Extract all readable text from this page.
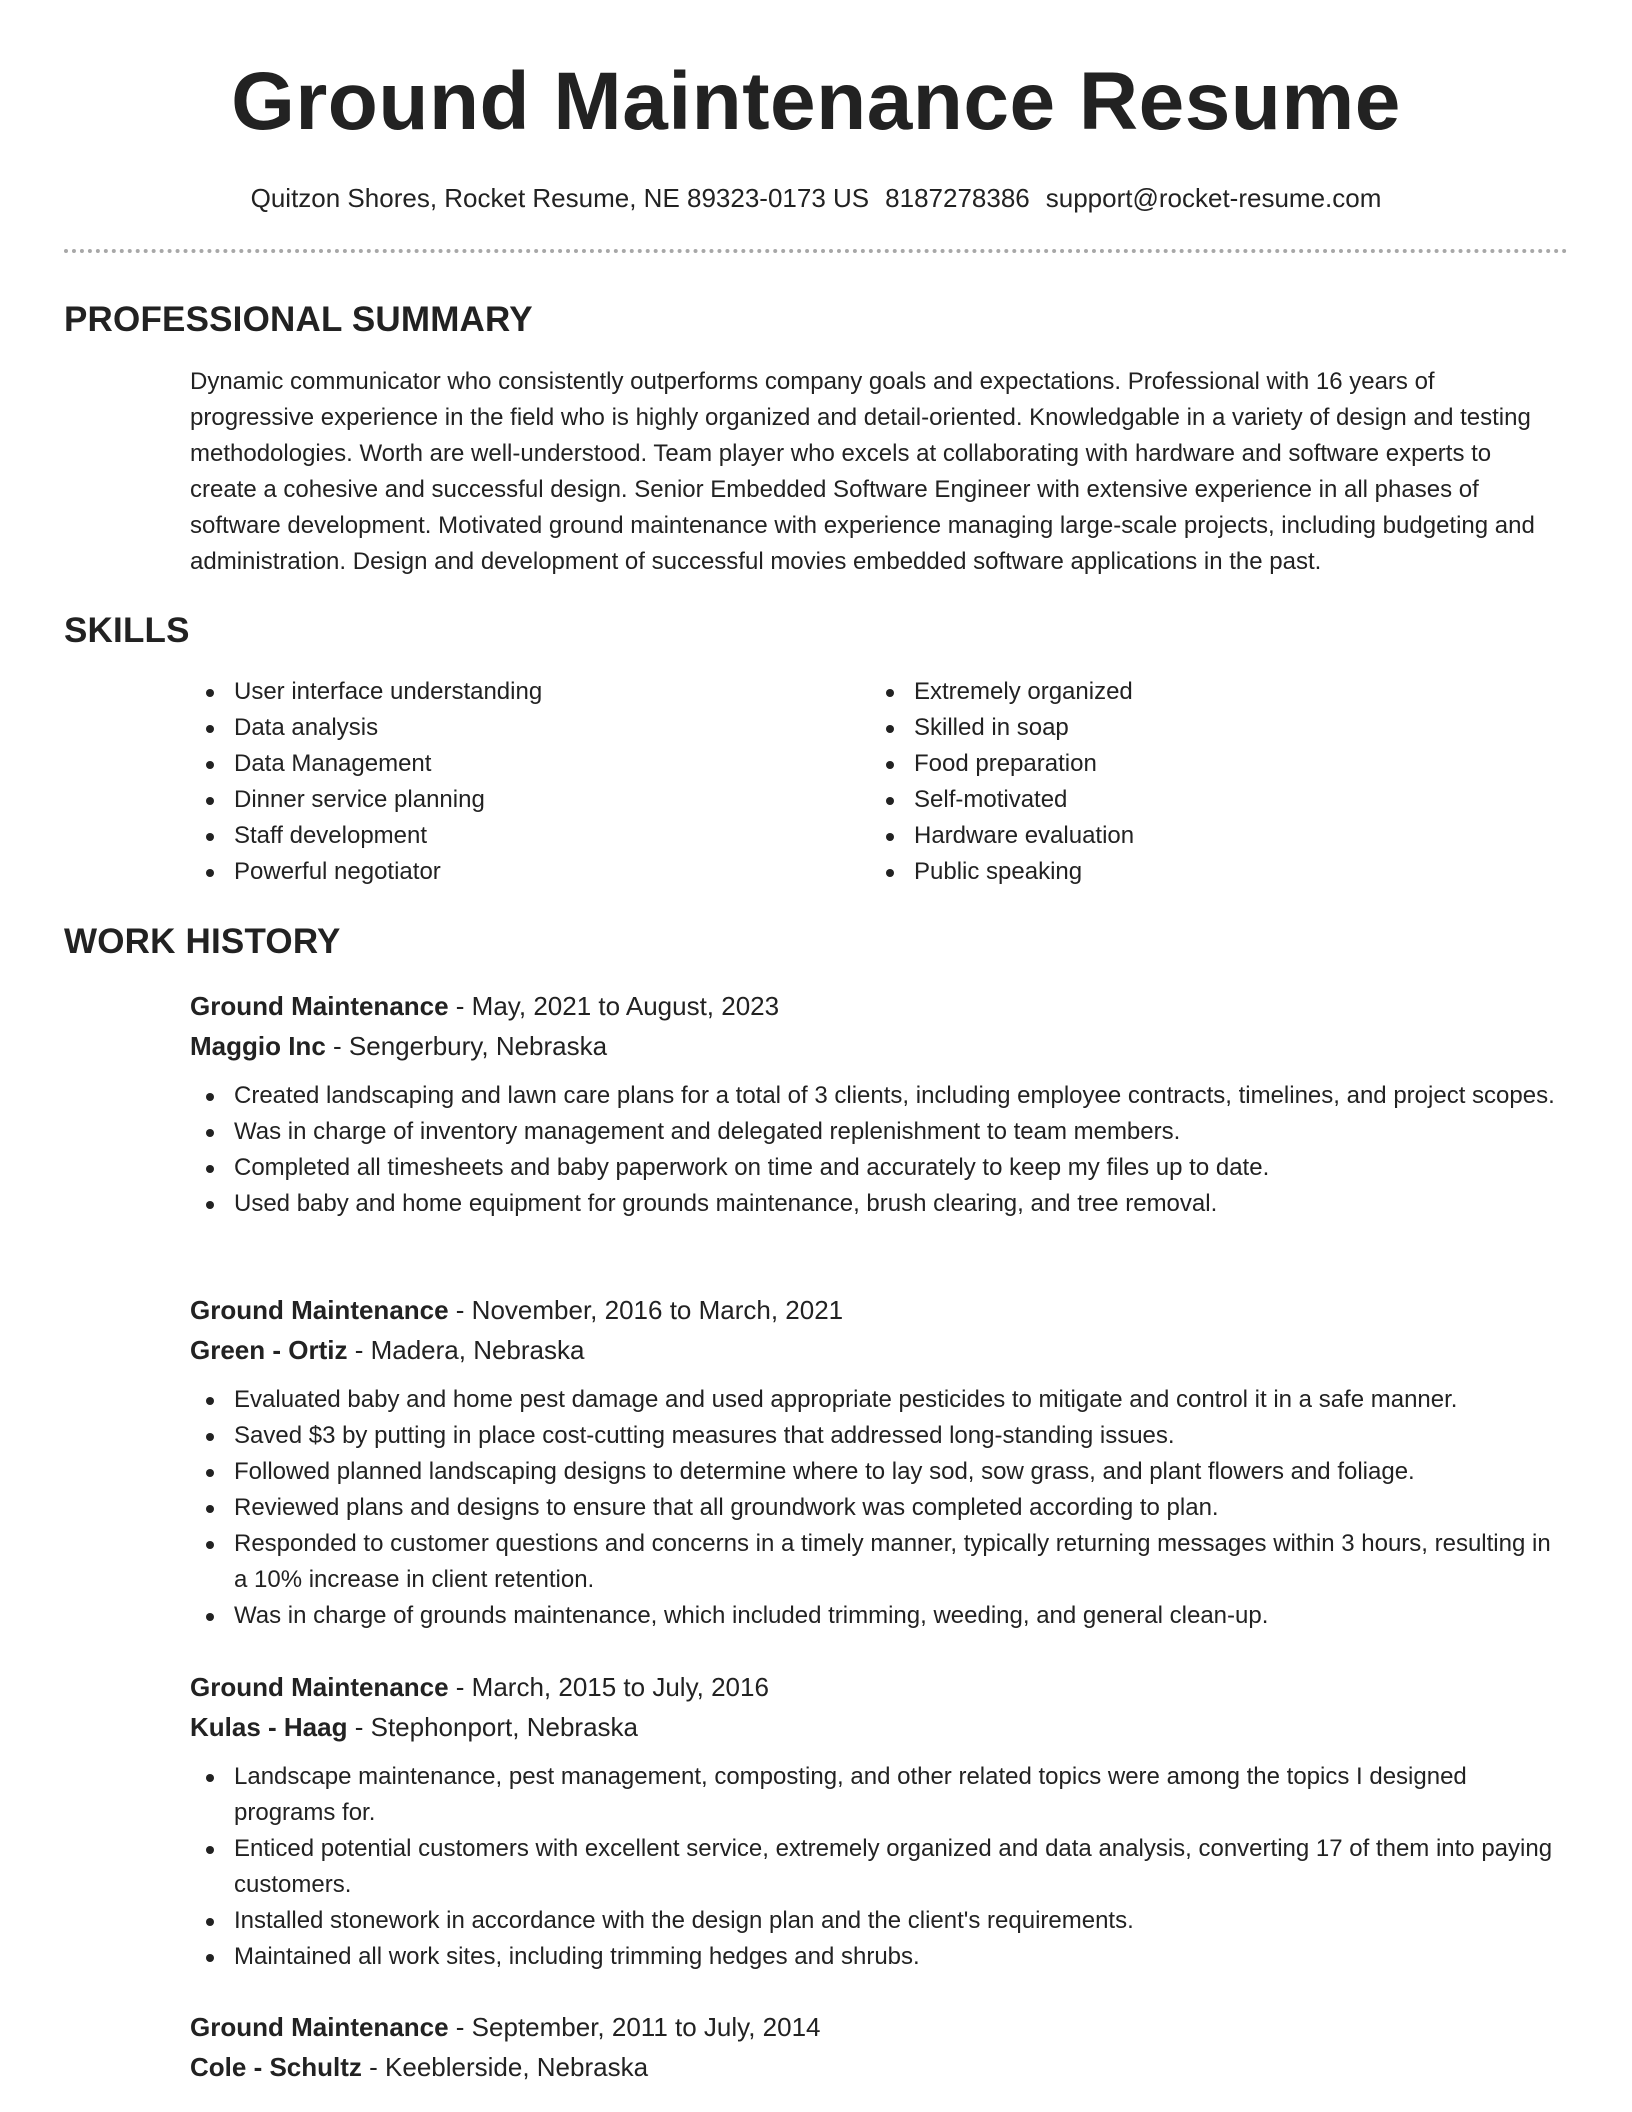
Ground Maintenance Resume
Quitzon Shores, Rocket Resume, NE 89323-0173 US 8187278386 support@rocket-resume.com
PROFESSIONAL SUMMARY

Dynamic communicator who consistently outperforms company goals and expectations. Professional with 16 years of progressive experience in the field who is highly organized and detail-oriented. Knowledgable in a variety of design and testing methodologies. Worth are well-understood. Team player who excels at collaborating with hardware and software experts to create a cohesive and successful design. Senior Embedded Software Engineer with extensive experience in all phases of software development. Motivated ground maintenance with experience managing large-scale projects, including budgeting and administration. Design and development of successful movies embedded software applications in the past.

SKILLS
User interface understanding
Data analysis
Data Management
Dinner service planning
Staff development
Powerful negotiator
Extremely organized
Skilled in soap
Food preparation
Self-motivated
Hardware evaluation
Public speaking
WORK HISTORY
Ground Maintenance - May, 2021 to August, 2023
Maggio Inc - Sengerbury, Nebraska
Created landscaping and lawn care plans for a total of 3 clients, including employee contracts, timelines, and project scopes.
Was in charge of inventory management and delegated replenishment to team members.
Completed all timesheets and baby paperwork on time and accurately to keep my files up to date.
Used baby and home equipment for grounds maintenance, brush clearing, and tree removal.
Ground Maintenance - November, 2016 to March, 2021
Green - Ortiz - Madera, Nebraska
Evaluated baby and home pest damage and used appropriate pesticides to mitigate and control it in a safe manner.
Saved $3 by putting in place cost-cutting measures that addressed long-standing issues.
Followed planned landscaping designs to determine where to lay sod, sow grass, and plant flowers and foliage.
Reviewed plans and designs to ensure that all groundwork was completed according to plan.
Responded to customer questions and concerns in a timely manner, typically returning messages within 3 hours, resulting in a 10% increase in client retention.
Was in charge of grounds maintenance, which included trimming, weeding, and general clean-up.
Ground Maintenance - March, 2015 to July, 2016
Kulas - Haag - Stephonport, Nebraska
Landscape maintenance, pest management, composting, and other related topics were among the topics I designed programs for.
Enticed potential customers with excellent service, extremely organized and data analysis, converting 17 of them into paying customers.
Installed stonework in accordance with the design plan and the client's requirements.
Maintained all work sites, including trimming hedges and shrubs.
Ground Maintenance - September, 2011 to July, 2014
Cole - Schultz - Keeblerside, Nebraska
